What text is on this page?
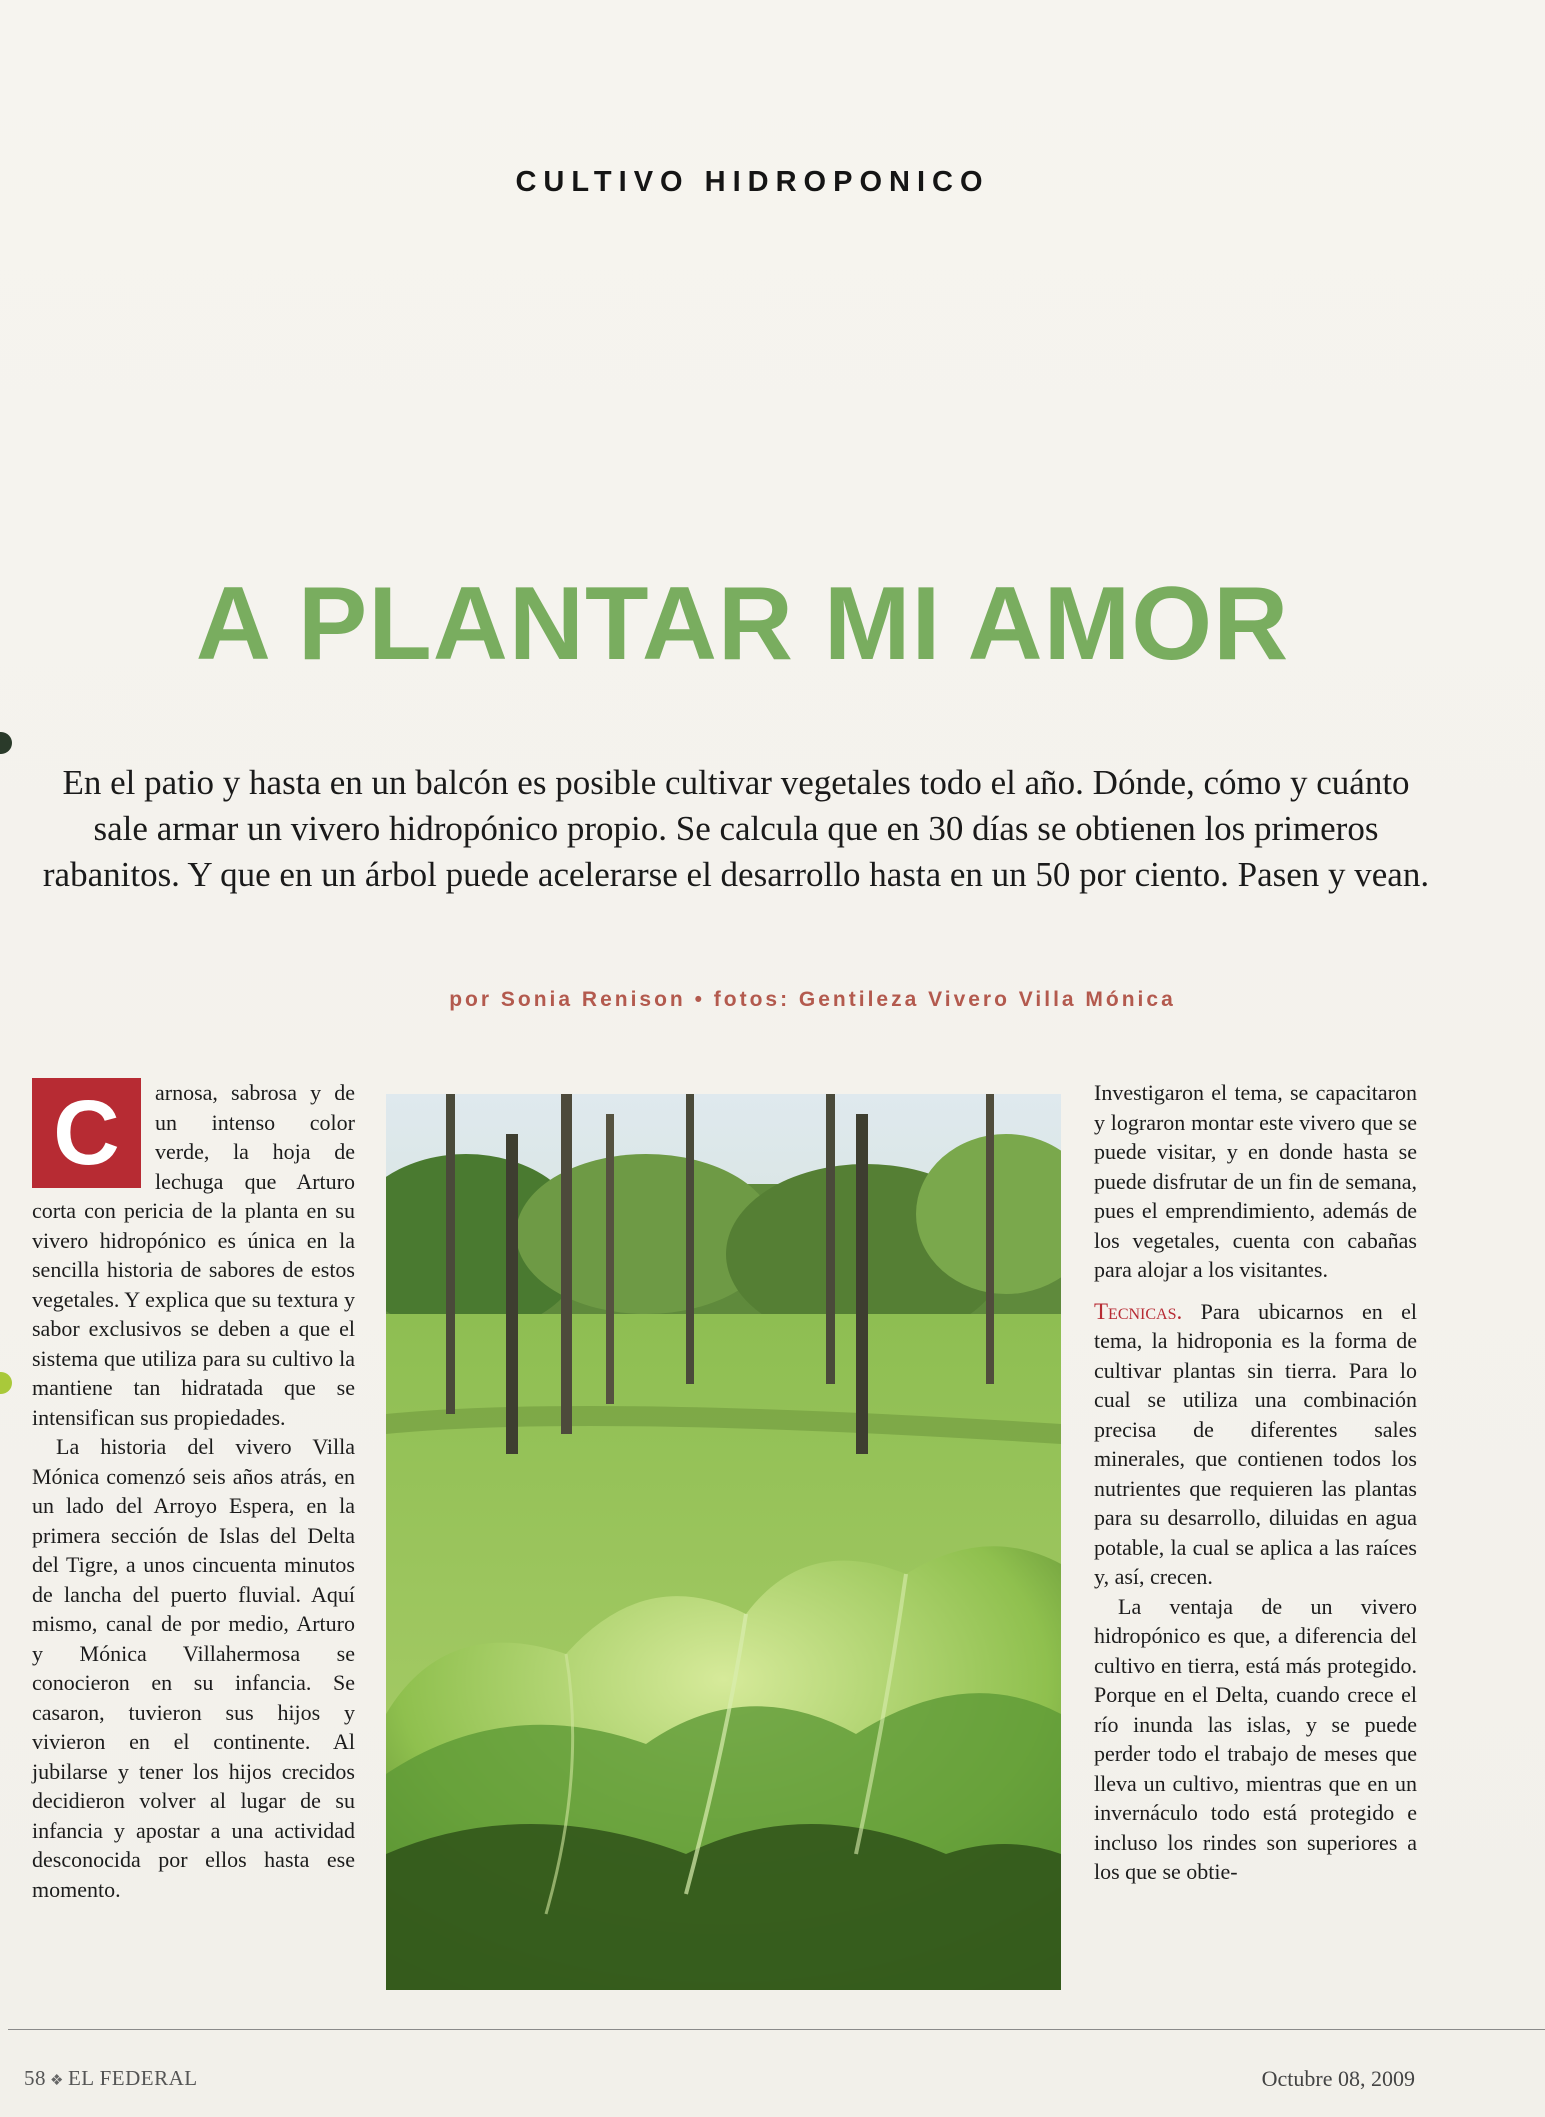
CULTIVO HIDROPONICO
A PLANTAR MI AMOR
En el patio y hasta en un balcón es posible cultivar vegetales todo el año. Dónde, cómo y cuánto sale armar un vivero hidropónico propio. Se calcula que en 30 días se obtienen los primeros rabanitos. Y que en un árbol puede acelerarse el desarrollo hasta en un 50 por ciento. Pasen y vean.
por Sonia Renison • fotos: Gentileza Vivero Villa Mónica

C	arnosa, sabrosa y de un intenso color verde, la hoja de lechuga que Arturo corta con pericia de la planta en su vivero hidropónico es única en la sencilla historia de sabores de estos vegetales. Y explica que su textura y sabor exclusivos se deben a que el sistema que utiliza para su cultivo la mantiene tan hidratada que se intensifican sus propiedades.

La historia del vivero Villa Mónica comenzó seis años atrás, en un lado del Arroyo Espera, en la primera sección de Islas del Delta del Tigre, a unos cincuenta minutos de lancha del puerto fluvial. Aquí mismo, canal de por medio, Arturo y Mónica Villahermosa se conocieron en su infancia. Se casaron, tuvieron sus hijos y vivieron en el continente. Al jubilarse y tener los hijos crecidos decidieron volver al lugar de su infancia y apostar a una actividad desconocida por ellos hasta ese momento.

Investigaron el tema, se capacitaron y lograron montar este vivero que se puede visitar, y en donde hasta se puede disfrutar de un fin de semana, pues el emprendimiento, además de los vegetales, cuenta con cabañas para alojar a los visitantes.

Tecnicas. Para ubicarnos en el tema, la hidroponia es la forma de cultivar plantas sin tierra. Para lo cual se utiliza una combinación precisa de diferentes sales minerales, que contienen todos los nutrientes que requieren las plantas para su desarrollo, diluidas en agua potable, la cual se aplica a las raíces y, así, crecen.

La ventaja de un vivero hidropónico es que, a diferencia del cultivo en tierra, está más protegido. Porque en el Delta, cuando crece el río inunda las islas, y se puede perder todo el trabajo de meses que lleva un cultivo, mientras que en un invernáculo todo está protegido e incluso los rindes son superiores a los que se obtie-

58 ❖ EL FEDERAL	Octubre 08, 2009
